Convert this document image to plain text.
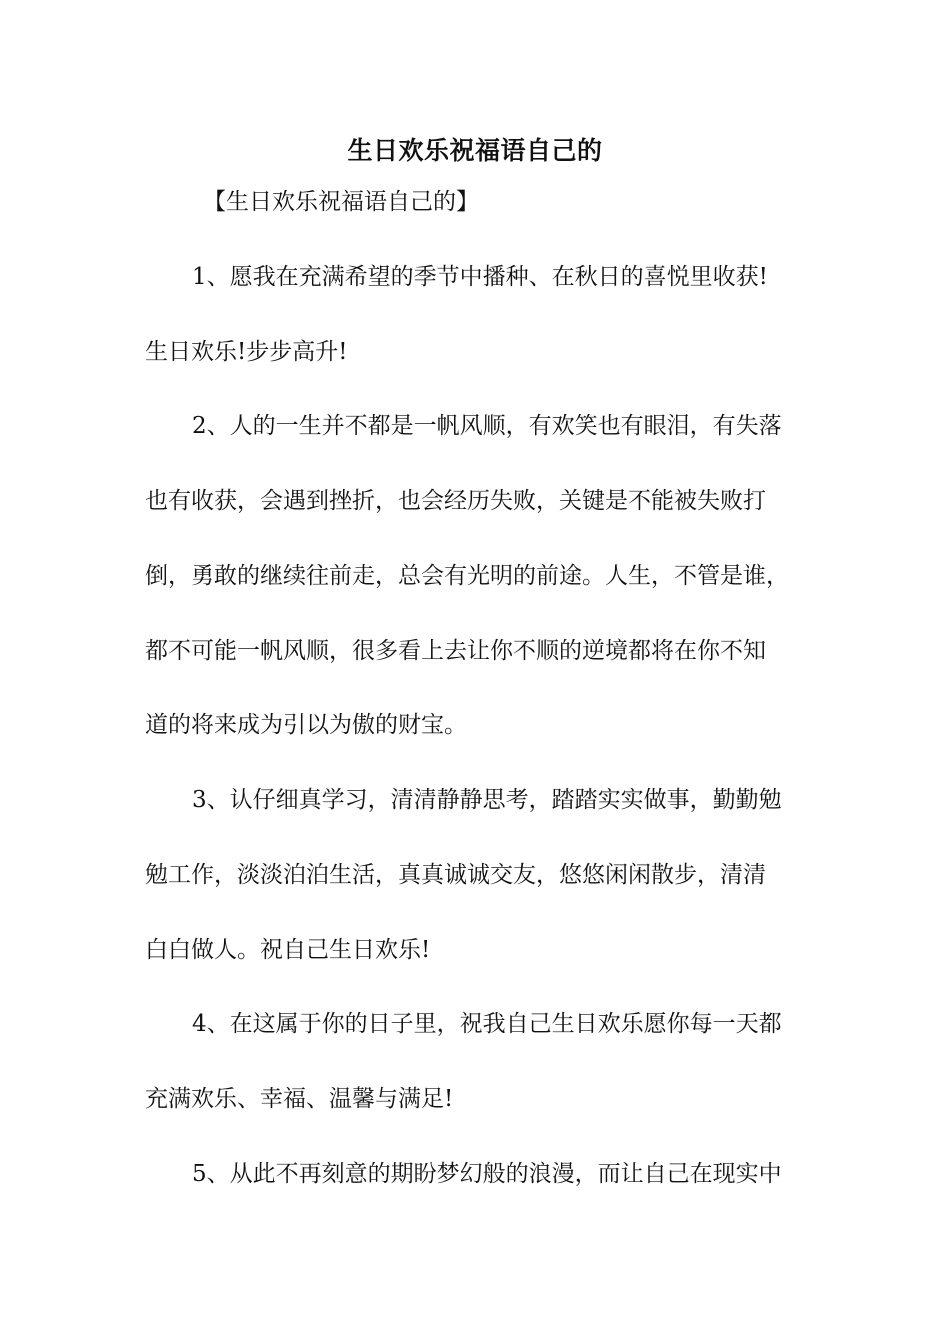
生日欢乐祝福语自己的
【生日欢乐祝福语自己的】
1、愿我在充满希望的季节中播种、在秋日的喜悦里收获!
生日欢乐!步步高升!
2、人的一生并不都是一帆风顺，有欢笑也有眼泪，有失落
也有收获，会遇到挫折，也会经历失败，关键是不能被失败打
倒，勇敢的继续往前走，总会有光明的前途。人生，不管是谁，
都不可能一帆风顺，很多看上去让你不顺的逆境都将在你不知
道的将来成为引以为傲的财宝。
3、认仔细真学习，清清静静思考，踏踏实实做事，勤勤勉
勉工作，淡淡泊泊生活，真真诚诚交友，悠悠闲闲散步，清清
白白做人。祝自己生日欢乐!
4、在这属于你的日子里，祝我自己生日欢乐愿你每一天都
充满欢乐、幸福、温馨与满足!
5、从此不再刻意的期盼梦幻般的浪漫，而让自己在现实中
